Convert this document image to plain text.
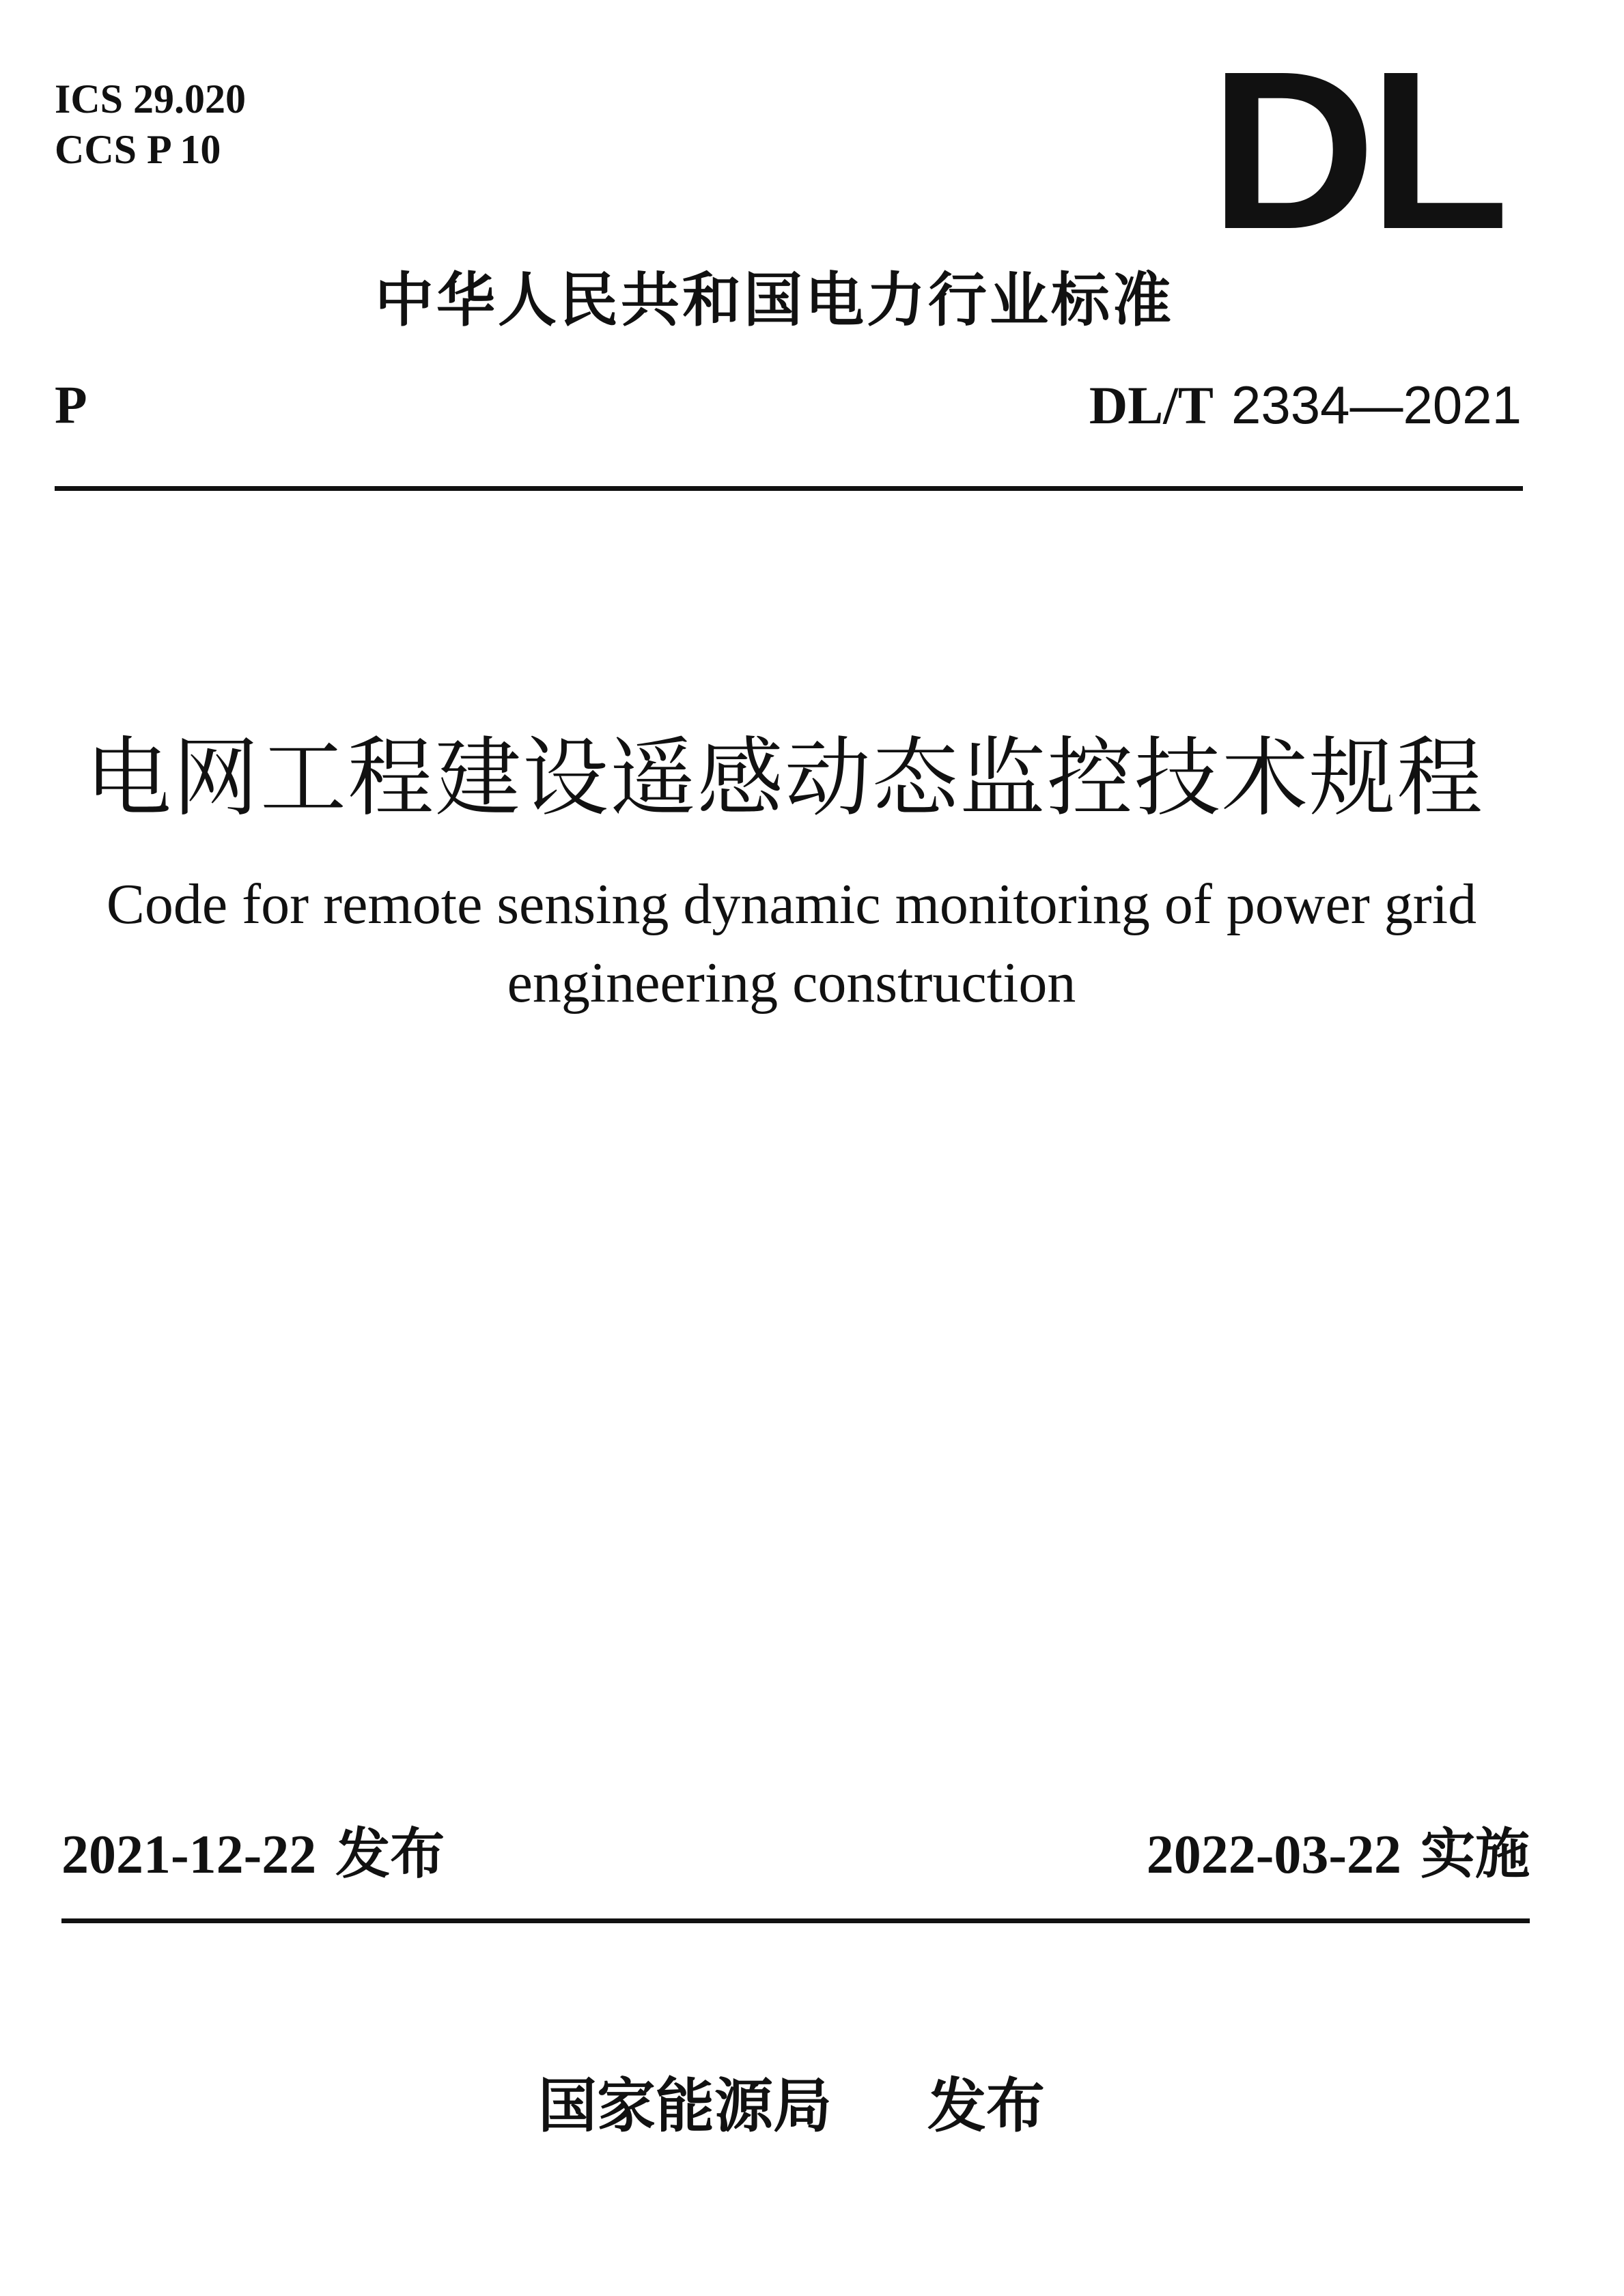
ICS 29.020
CCS P 10	DL
中华人民共和国电力行业标准
P	DL/T 2334—2021
电网工程建设遥感动态监控技术规程
Code for remote sensing dynamic monitoring of power grid
engineering construction
2021-12-22 发布	2022-03-22 实施
国家能源局 发布
